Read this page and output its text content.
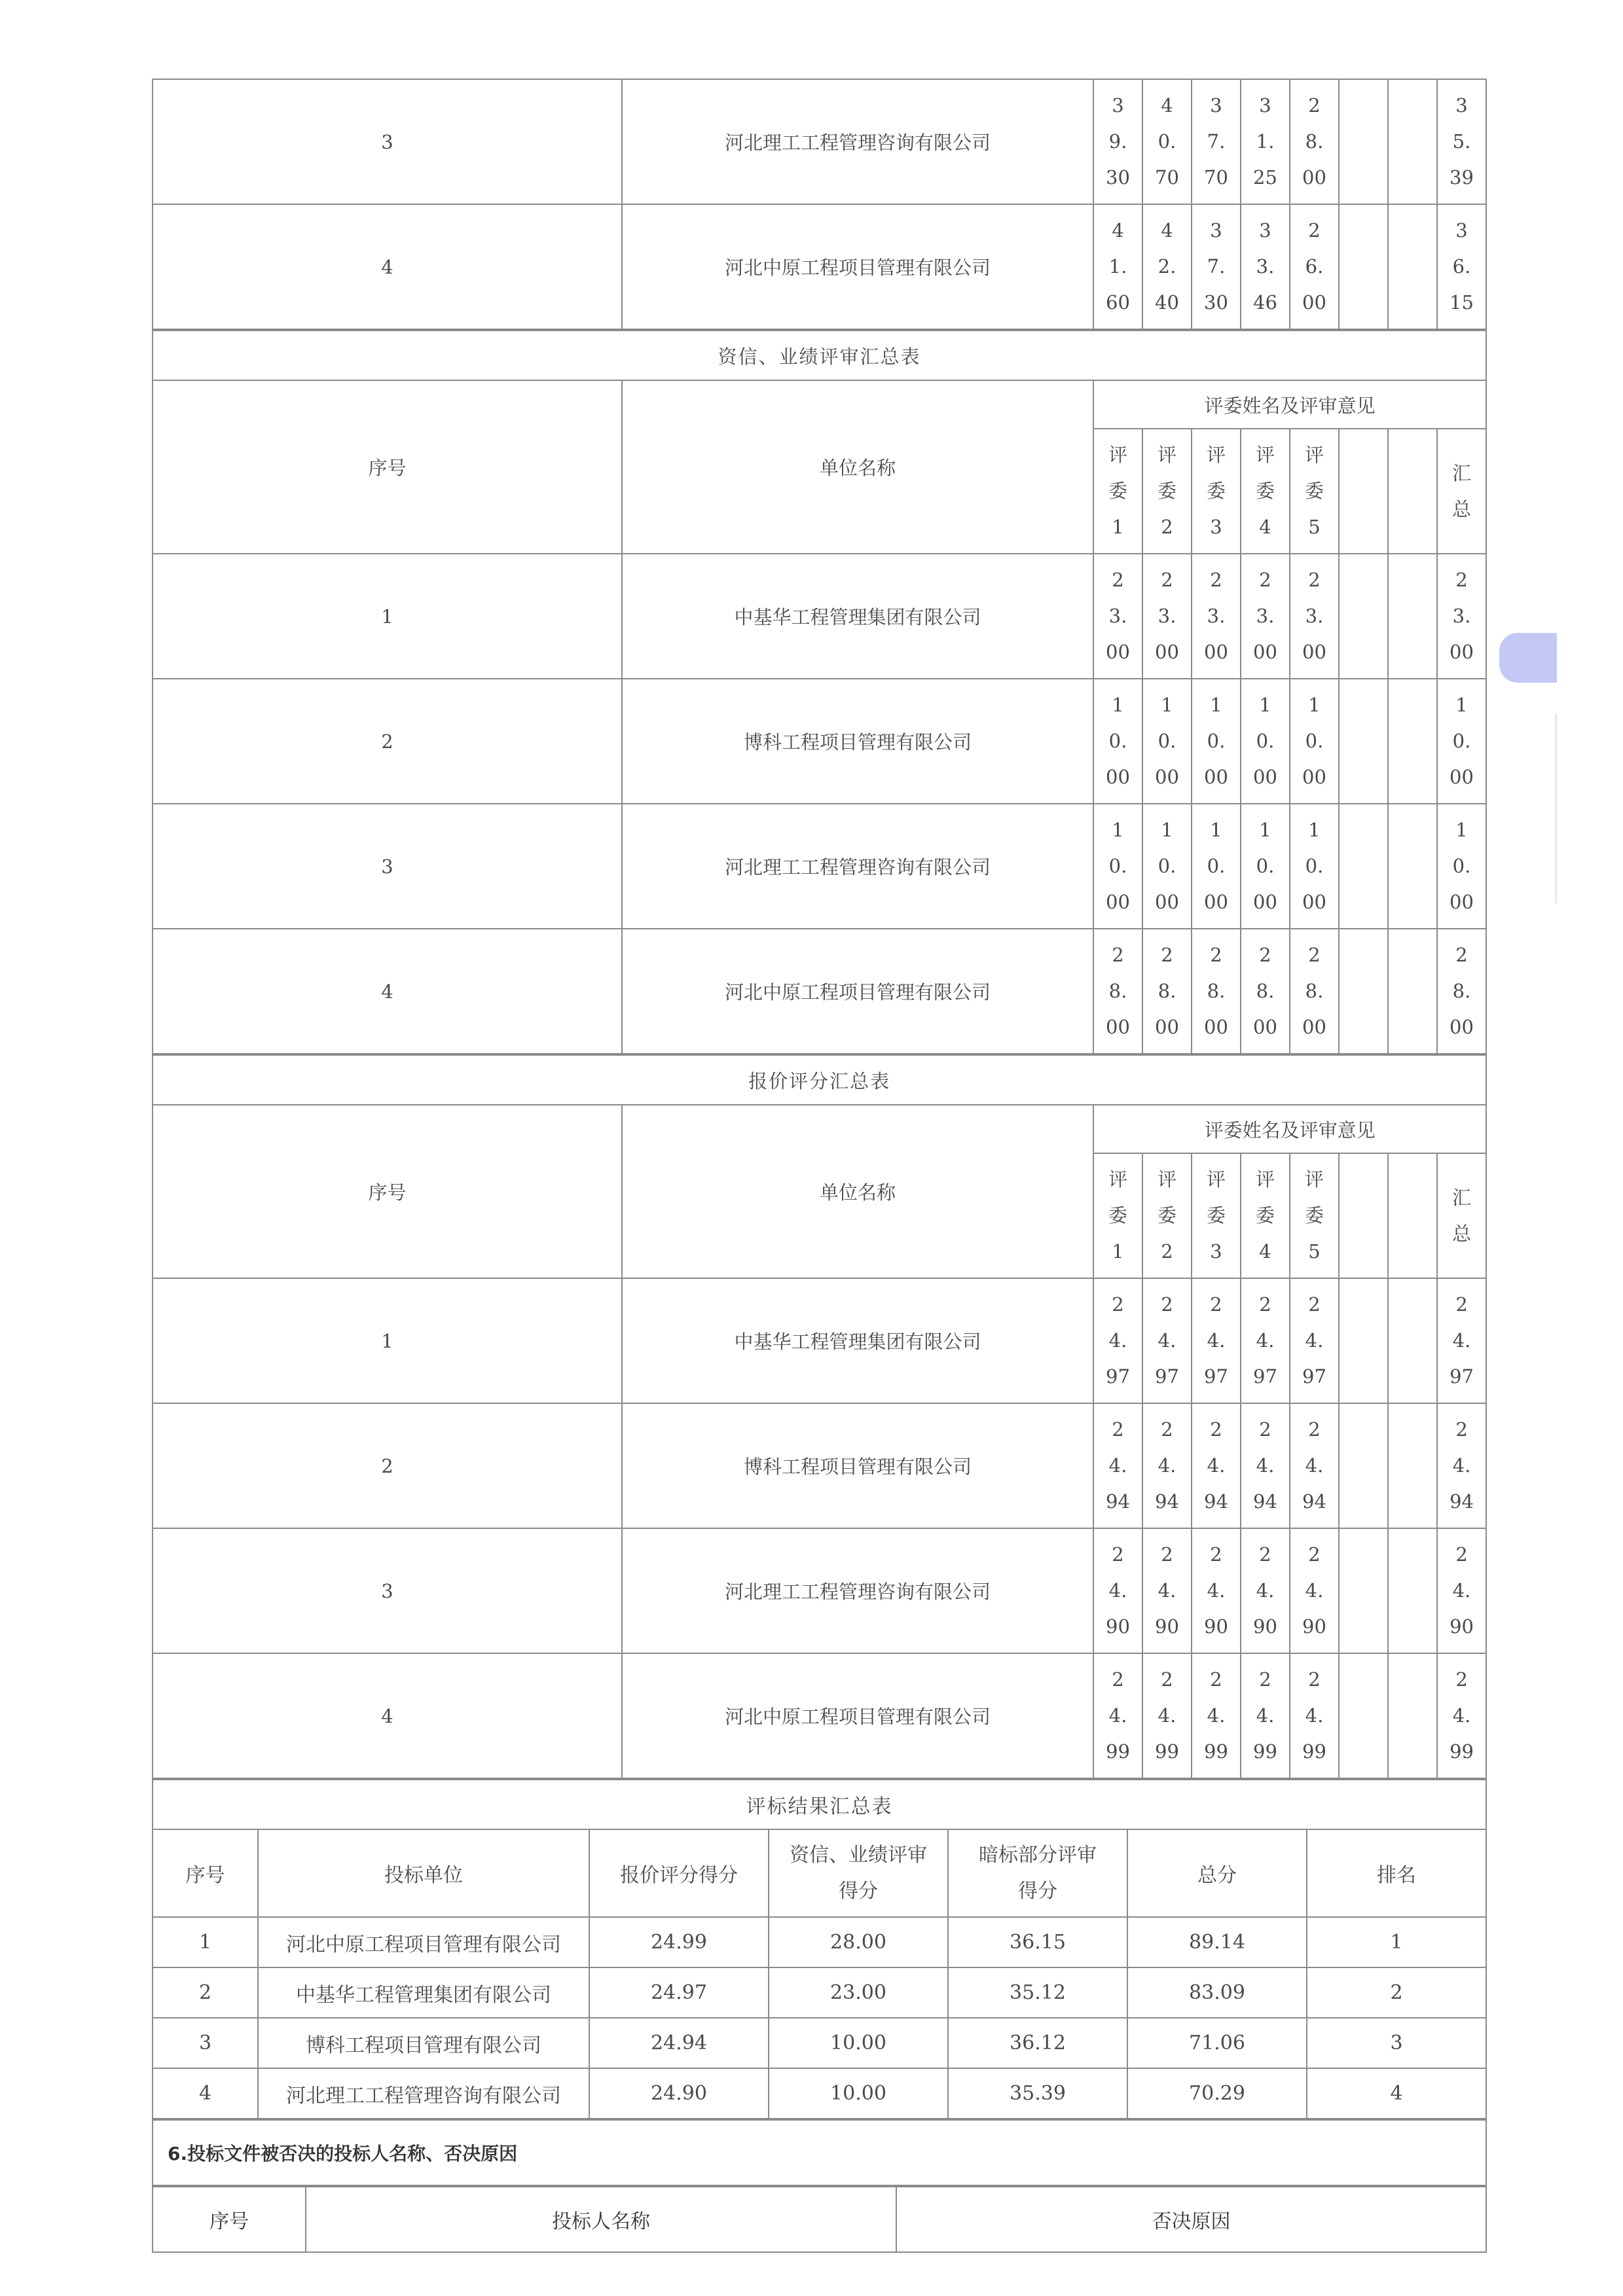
3	河北理工工程管理咨询有限公司	39.30	40.70	37.70	31.25	28.00			35.39
4	河北中原工程项目管理有限公司	41.60	42.40	37.30	33.46	26.00			36.15
资信、业绩评审汇总表									
序号	单位名称	评委姓名及评审意见							
		评委1	评委2	评委3	评委4	评委5			汇总
1	中基华工程管理集团有限公司	23.00	23.00	23.00	23.00	23.00			23.00
2	博科工程项目管理有限公司	10.00	10.00	10.00	10.00	10.00			10.00
3	河北理工工程管理咨询有限公司	10.00	10.00	10.00	10.00	10.00			10.00
4	河北中原工程项目管理有限公司	28.00	28.00	28.00	28.00	28.00			28.00
报价评分汇总表									
序号	单位名称	评委姓名及评审意见							
		评委1	评委2	评委3	评委4	评委5			汇总
1	中基华工程管理集团有限公司	24.97	24.97	24.97	24.97	24.97			24.97
2	博科工程项目管理有限公司	24.94	24.94	24.94	24.94	24.94			24.94
3	河北理工工程管理咨询有限公司	24.90	24.90	24.90	24.90	24.90			24.90
4	河北中原工程项目管理有限公司	24.99	24.99	24.99	24.99	24.99			24.99
评标结果汇总表						
序号	投标单位	报价评分得分	资信、业绩评审得分	暗标部分评审得分	总分	排名
1	河北中原工程项目管理有限公司	24.99	28.00	36.15	89.14	1
2	中基华工程管理集团有限公司	24.97	23.00	35.12	83.09	2
3	博科工程项目管理有限公司	24.94	10.00	36.12	71.06	3
4	河北理工工程管理咨询有限公司	24.90	10.00	35.39	70.29	4
6.投标文件被否决的投标人名称、否决原因
序号	投标人名称	否决原因
